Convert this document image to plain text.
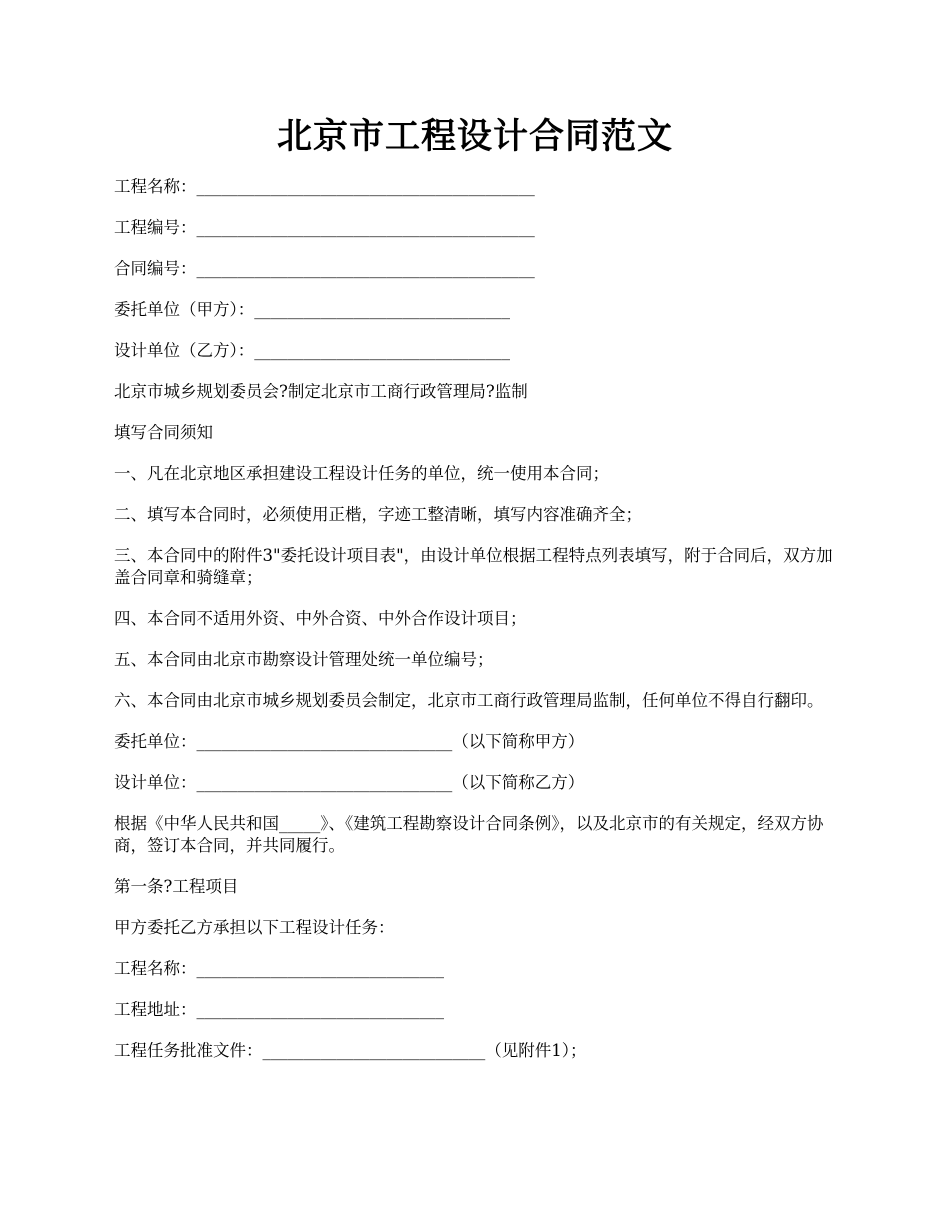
北京市工程设计合同范文

工程名称：_________________________________________

工程编号：_________________________________________

合同编号：_________________________________________

委托单位（甲方）：_______________________________

设计单位（乙方）：_______________________________

北京市城乡规划委员会?制定北京市工商行政管理局?监制

填写合同须知

一、凡在北京地区承担建设工程设计任务的单位，统一使用本合同；

二、填写本合同时，必须使用正楷，字迹工整清晰，填写内容准确齐全；

三、本合同中的附件3"委托设计项目表"，由设计单位根据工程特点列表填写，附于合同后，双方加盖合同章和骑缝章；

四、本合同不适用外资、中外合资、中外合作设计项目；

五、本合同由北京市勘察设计管理处统一单位编号；

六、本合同由北京市城乡规划委员会制定，北京市工商行政管理局监制，任何单位不得自行翻印。

委托单位：_______________________________（以下简称甲方）

设计单位：_______________________________（以下简称乙方）

根据《中华人民共和国_____》、《建筑工程勘察设计合同条例》，以及北京市的有关规定，经双方协商，签订本合同，并共同履行。

第一条?工程项目

甲方委托乙方承担以下工程设计任务：

工程名称：______________________________

工程地址：______________________________

工程任务批准文件：___________________________（见附件1）；
